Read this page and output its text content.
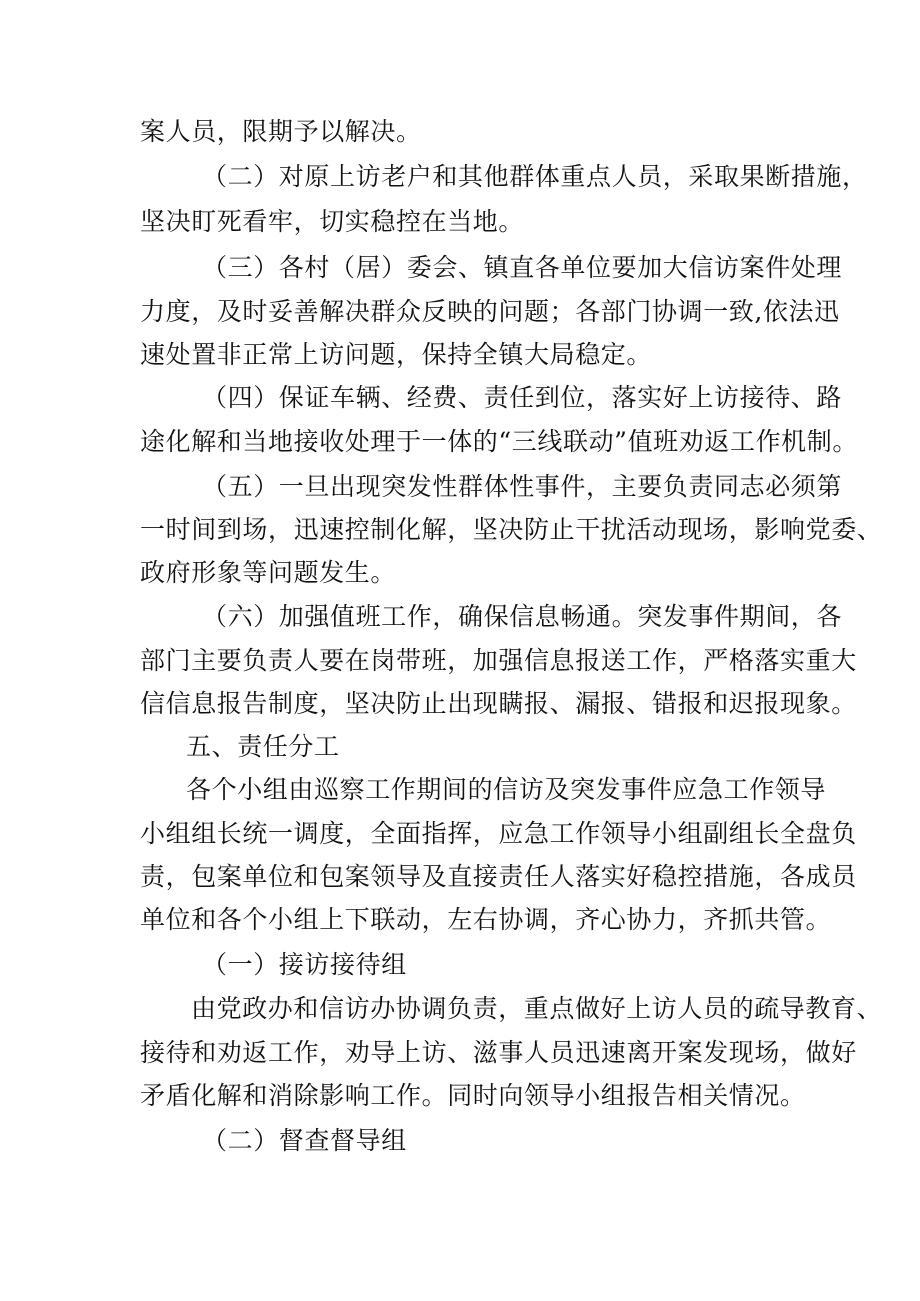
案人员，限期予以解决。
（二）对原上访老户和其他群体重点人员，采取果断措施，
坚决盯死看牢，切实稳控在当地。
（三）各村（居）委会、镇直各单位要加大信访案件处理
力度，及时妥善解决群众反映的问题；各部门协调一致,依法迅
速处置非正常上访问题，保持全镇大局稳定。
（四）保证车辆、经费、责任到位，落实好上访接待、路
途化解和当地接收处理于一体的“三线联动”值班劝返工作机制。
（五）一旦出现突发性群体性事件，主要负责同志必须第
一时间到场，迅速控制化解，坚决防止干扰活动现场，影响党委、
政府形象等问题发生。
（六）加强值班工作，确保信息畅通。突发事件期间，各
部门主要负责人要在岗带班，加强信息报送工作，严格落实重大
信信息报告制度，坚决防止出现瞒报、漏报、错报和迟报现象。
五、责任分工
各个小组由巡察工作期间的信访及突发事件应急工作领导
小组组长统一调度，全面指挥，应急工作领导小组副组长全盘负
责，包案单位和包案领导及直接责任人落实好稳控措施，各成员
单位和各个小组上下联动，左右协调，齐心协力，齐抓共管。
（一）接访接待组
由党政办和信访办协调负责，重点做好上访人员的疏导教育、
接待和劝返工作，劝导上访、滋事人员迅速离开案发现场，做好
矛盾化解和消除影响工作。同时向领导小组报告相关情况。
（二）督查督导组
